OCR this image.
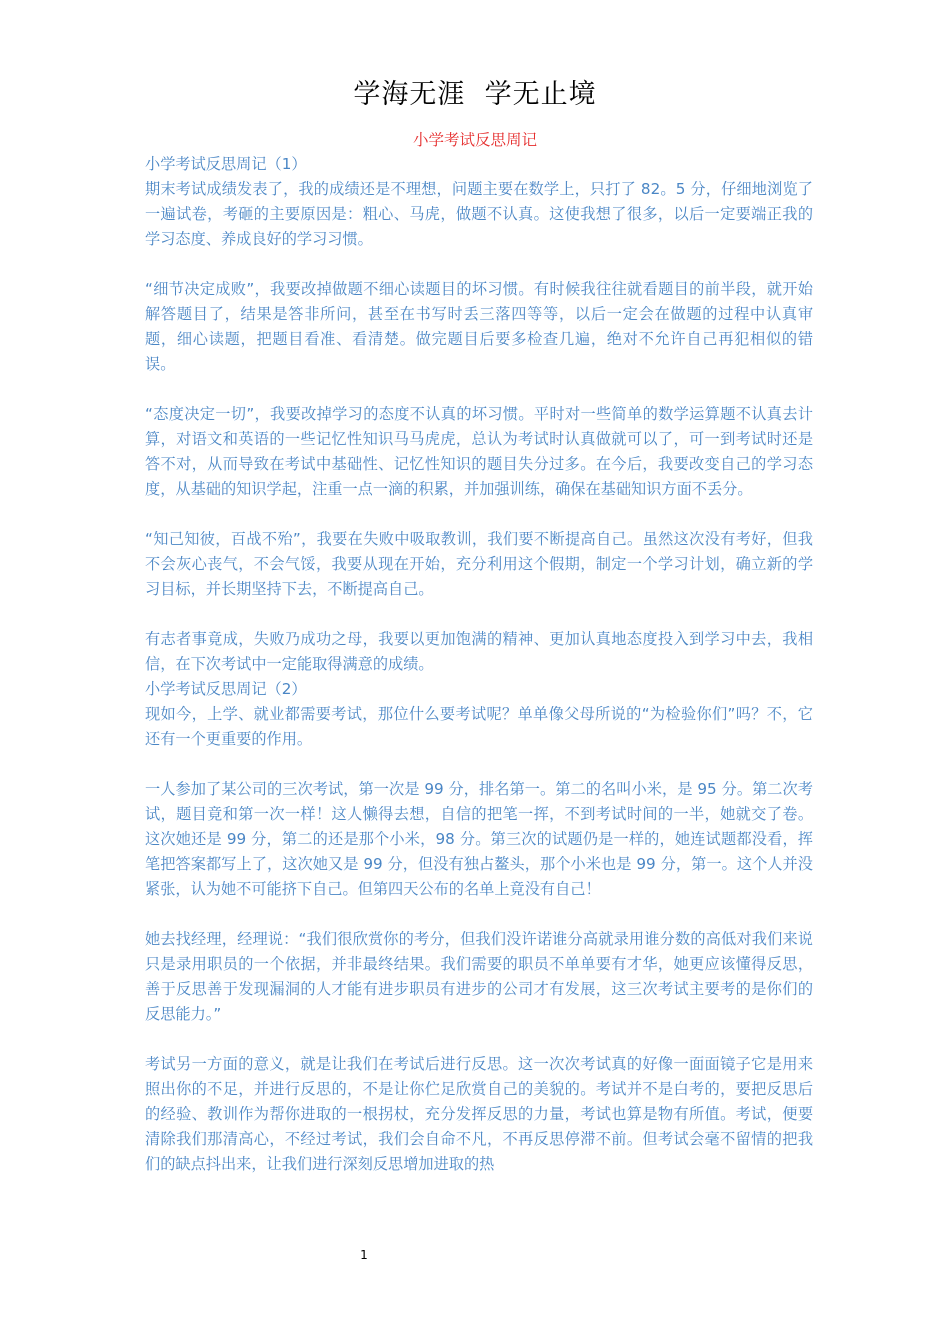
学海无涯  学无止境
小学考试反思周记

小学考试反思周记（1）

期末考试成绩发表了，我的成绩还是不理想，问题主要在数学上，只打了 82。5 分，仔细地浏览了一遍试卷，考砸的主要原因是：粗心、马虎，做题不认真。这使我想了很多，以后一定要端正我的学习态度、养成良好的学习习惯。

“细节决定成败”，我要改掉做题不细心读题目的坏习惯。有时候我往往就看题目的前半段，就开始解答题目了，结果是答非所问，甚至在书写时丢三落四等等，以后一定会在做题的过程中认真审题，细心读题，把题目看准、看清楚。做完题目后要多检查几遍，绝对不允许自己再犯相似的错误。

“态度决定一切”，我要改掉学习的态度不认真的坏习惯。平时对一些简单的数学运算题不认真去计算，对语文和英语的一些记忆性知识马马虎虎，总认为考试时认真做就可以了，可一到考试时还是答不对，从而导致在考试中基础性、记忆性知识的题目失分过多。在今后，我要改变自己的学习态度，从基础的知识学起，注重一点一滴的积累，并加强训练，确保在基础知识方面不丢分。

“知己知彼，百战不殆”，我要在失败中吸取教训，我们要不断提高自己。虽然这次没有考好，但我不会灰心丧气，不会气馁，我要从现在开始，充分利用这个假期，制定一个学习计划，确立新的学习目标，并长期坚持下去，不断提高自己。

有志者事竟成，失败乃成功之母，我要以更加饱满的精神、更加认真地态度投入到学习中去，我相信，在下次考试中一定能取得满意的成绩。

小学考试反思周记（2）

现如今，上学、就业都需要考试，那位什么要考试呢？单单像父母所说的“为检验你们”吗？不，它还有一个更重要的作用。

一人参加了某公司的三次考试，第一次是 99 分，排名第一。第二的名叫小米，是 95 分。第二次考试，题目竟和第一次一样！这人懒得去想，自信的把笔一挥，不到考试时间的一半，她就交了卷。这次她还是 99 分，第二的还是那个小米，98 分。第三次的试题仍是一样的，她连试题都没看，挥笔把答案都写上了，这次她又是 99 分，但没有独占鳌头，那个小米也是 99 分，第一。这个人并没紧张，认为她不可能挤下自己。但第四天公布的名单上竟没有自己！

她去找经理，经理说：“我们很欣赏你的考分，但我们没许诺谁分高就录用谁分数的高低对我们来说只是录用职员的一个依据，并非最终结果。我们需要的职员不单单要有才华，她更应该懂得反思，善于反思善于发现漏洞的人才能有进步职员有进步的公司才有发展，这三次考试主要考的是你们的反思能力。”

考试另一方面的意义，就是让我们在考试后进行反思。这一次次考试真的好像一面面镜子它是用来照出你的不足，并进行反思的，不是让你伫足欣赏自己的美貌的。考试并不是白考的，要把反思后的经验、教训作为帮你进取的一根拐杖，充分发挥反思的力量，考试也算是物有所值。考试，便要清除我们那清高心，不经过考试，我们会自命不凡，不再反思停滞不前。但考试会毫不留情的把我们的缺点抖出来，让我们进行深刻反思增加进取的热

1
